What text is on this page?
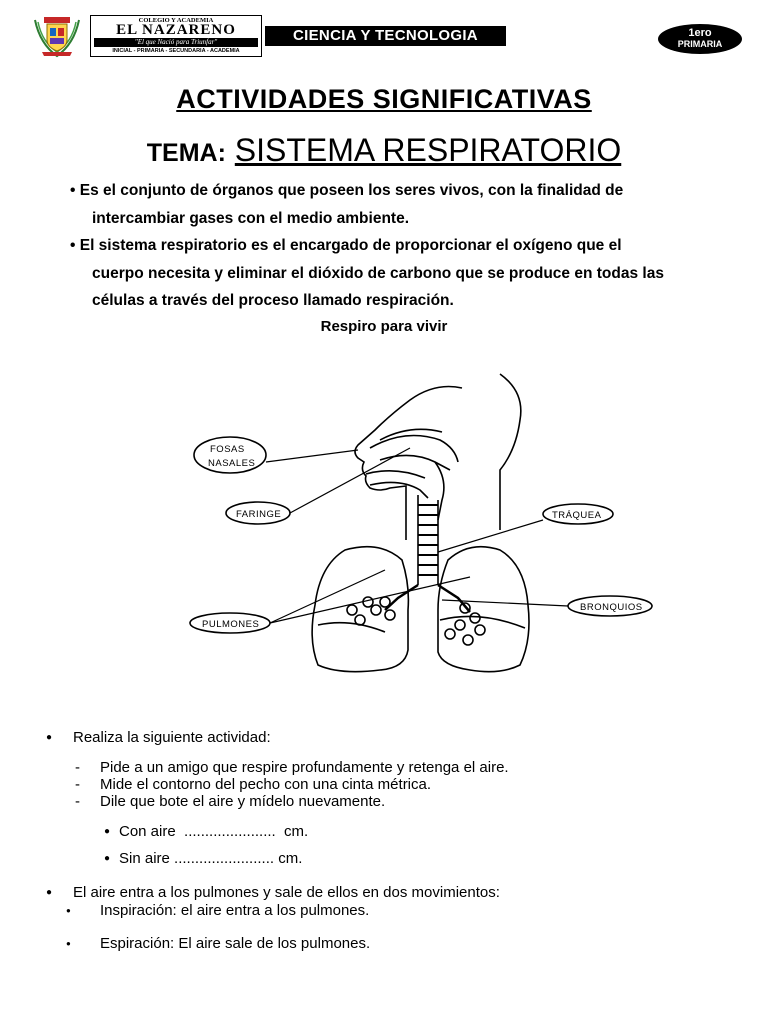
COLEGIO Y ACADEMIA
EL NAZARENO
"El que Nació para Triunfar"
INICIAL - PRIMARIA - SECUNDARIA - ACADEMIA
CIENCIA Y TECNOLOGIA	1ero
PRIMARIA
ACTIVIDADES SIGNIFICATIVAS
TEMA: SISTEMA RESPIRATORIO
• Es el conjunto de órganos que poseen los seres vivos, con la finalidad de
intercambiar gases con el medio ambiente.
• El sistema respiratorio es el encargado de proporcionar el oxígeno que el
cuerpo necesita y eliminar el dióxido de carbono que se produce en todas las
células a través del proceso llamado respiración.
Respiro para vivir
FOSAS
NASALES
FARINGE	TRÁQUEA
BRONQUIOS
PULMONES
● Realiza la siguiente actividad:
- Pide a un amigo que respire profundamente y retenga el aire.
- Mide el contorno del pecho con una cinta métrica.
- Dile que bote el aire y mídelo nuevamente.
● Con aire  ......................  cm.
● Sin aire ........................ cm.
● El aire entra a los pulmones y sale de ellos en dos movimientos:
● Inspiración: el aire entra a los pulmones.
● Espiración: El aire sale de los pulmones.
